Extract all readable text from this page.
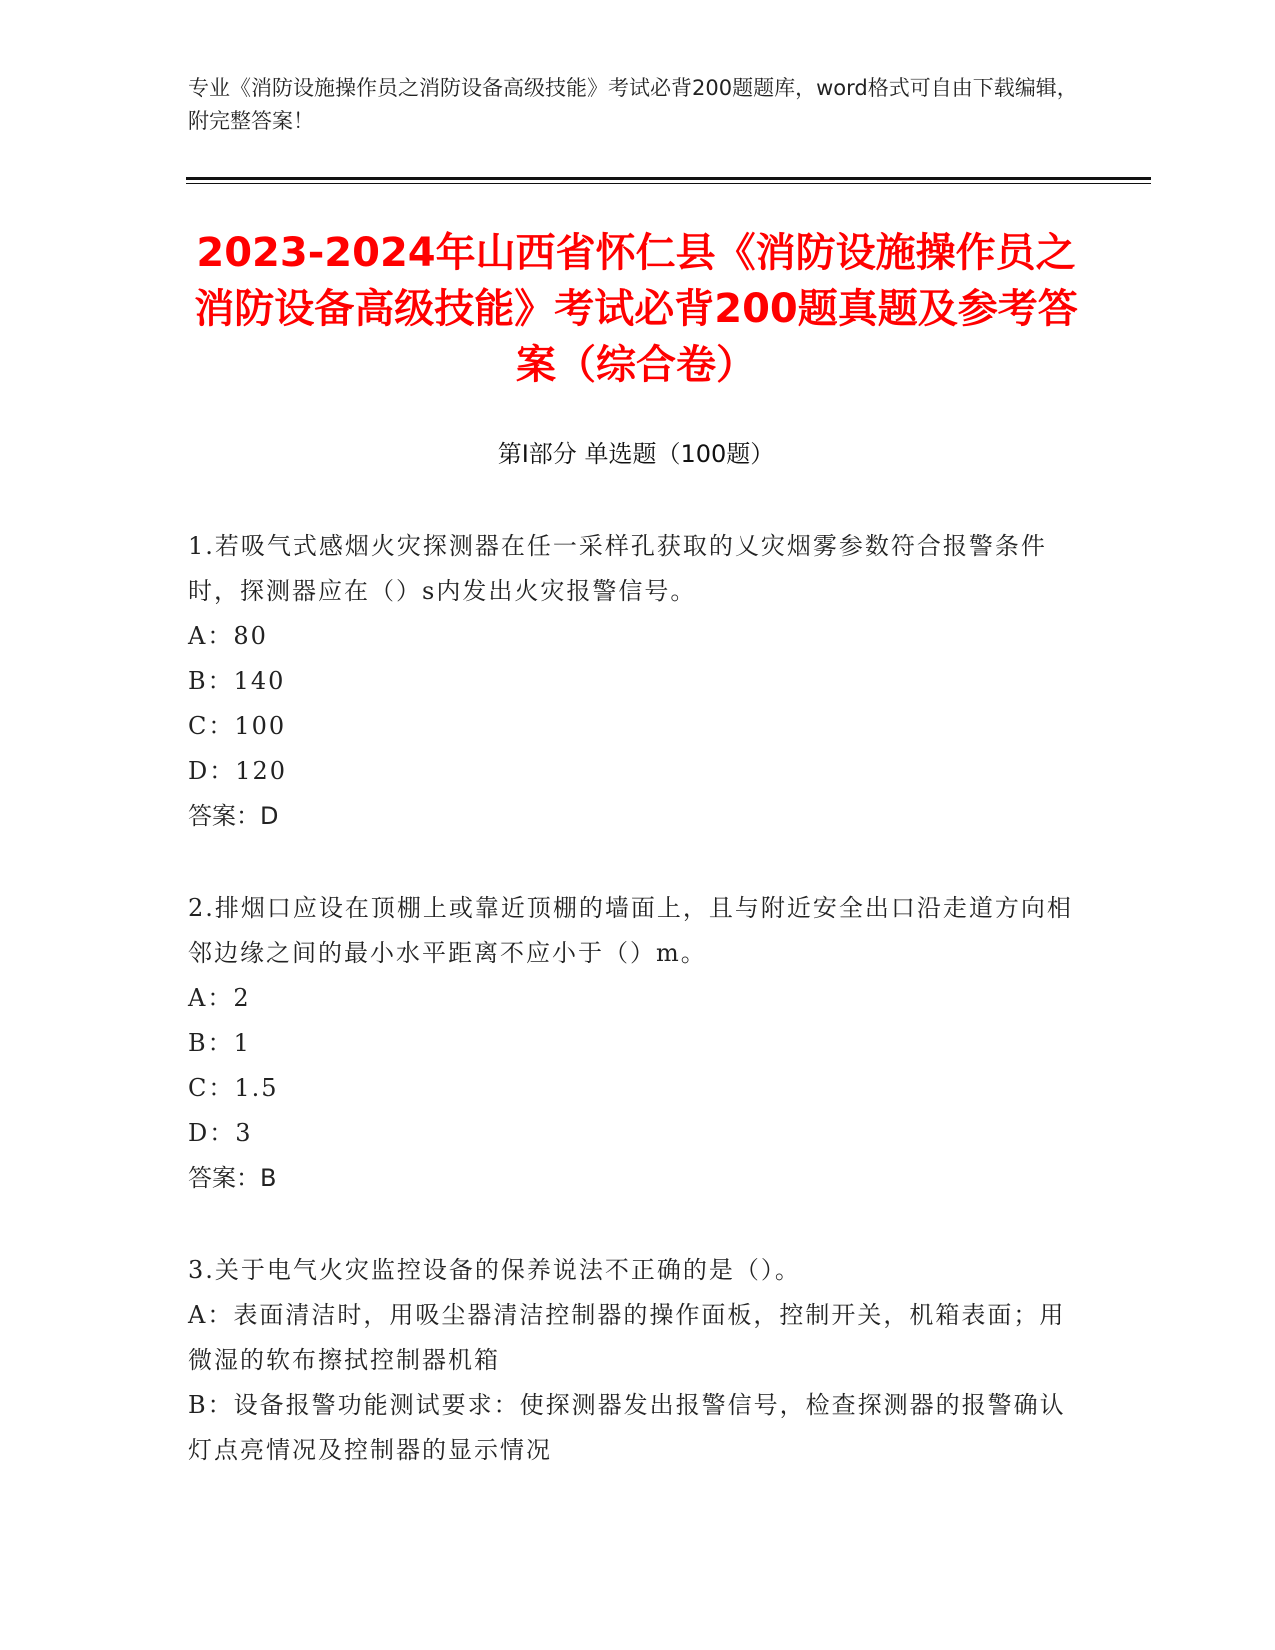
专业《消防设施操作员之消防设备高级技能》考试必背200题题库，word格式可自由下载编辑，附完整答案！
2023-2024年山西省怀仁县《消防设施操作员之消防设备高级技能》考试必背200题真题及参考答案（综合卷）
第Ⅰ部分 单选题（100题）
1.若吸气式感烟火灾探测器在任一采样孔获取的乂灾烟雾参数符合报警条件时，探测器应在（）s内发出火灾报警信号。
A：80
B：140
C：100
D：120
答案：D
2.排烟口应设在顶棚上或靠近顶棚的墙面上，且与附近安全出口沿走道方向相邻边缘之间的最小水平距离不应小于（）m。
A：2
B：1
C：1.5
D：3
答案：B
3.关于电气火灾监控设备的保养说法不正确的是（）。
A：表面清洁时，用吸尘器清洁控制器的操作面板，控制开关，机箱表面；用微湿的软布擦拭控制器机箱
B：设备报警功能测试要求：使探测器发出报警信号，检查探测器的报警确认灯点亮情况及控制器的显示情况
